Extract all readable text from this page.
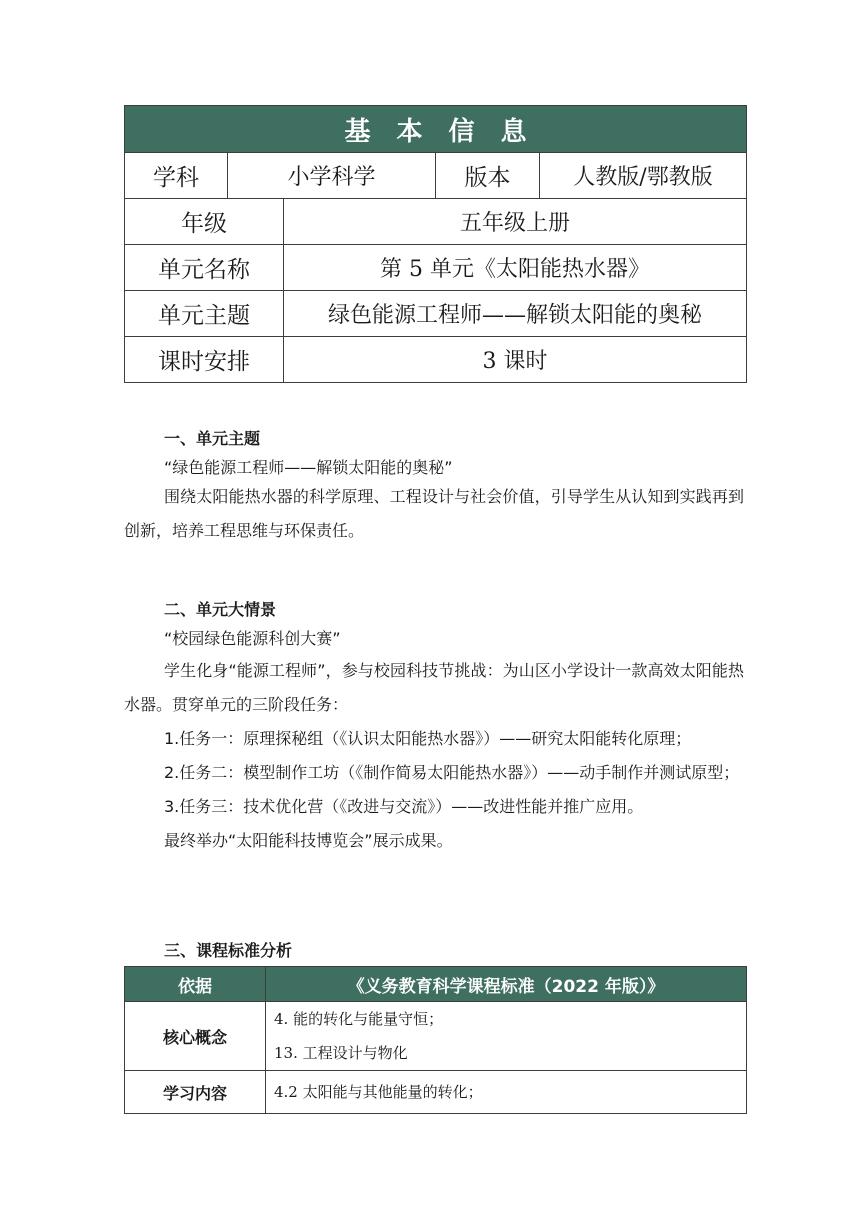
基本信息				
学科	小学科学		版本	人教版/鄂教版
年级		五年级上册		
单元名称		第 5 单元《太阳能热水器》		
单元主题		绿色能源工程师——解锁太阳能的奥秘		
课时安排		3 课时		
一、单元主题
“绿色能源工程师——解锁太阳能的奥秘”
围绕太阳能热水器的科学原理、工程设计与社会价值，引导学生从认知到实践再到创新，培养工程思维与环保责任。
二、单元大情景
“校园绿色能源科创大赛”
学生化身“能源工程师”，参与校园科技节挑战：为山区小学设计一款高效太阳能热水器。贯穿单元的三阶段任务：
1.任务一：原理探秘组（《认识太阳能热水器》）——研究太阳能转化原理；
2.任务二：模型制作工坊（《制作简易太阳能热水器》）——动手制作并测试原型；
3.任务三：技术优化营（《改进与交流》）——改进性能并推广应用。
最终举办“太阳能科技博览会”展示成果。
三、课程标准分析
依据	《义务教育科学课程标准（2022 年版）》
核心概念	4. 能的转化与能量守恒；
13. 工程设计与物化

学习内容	4.2 太阳能与其他能量的转化；
